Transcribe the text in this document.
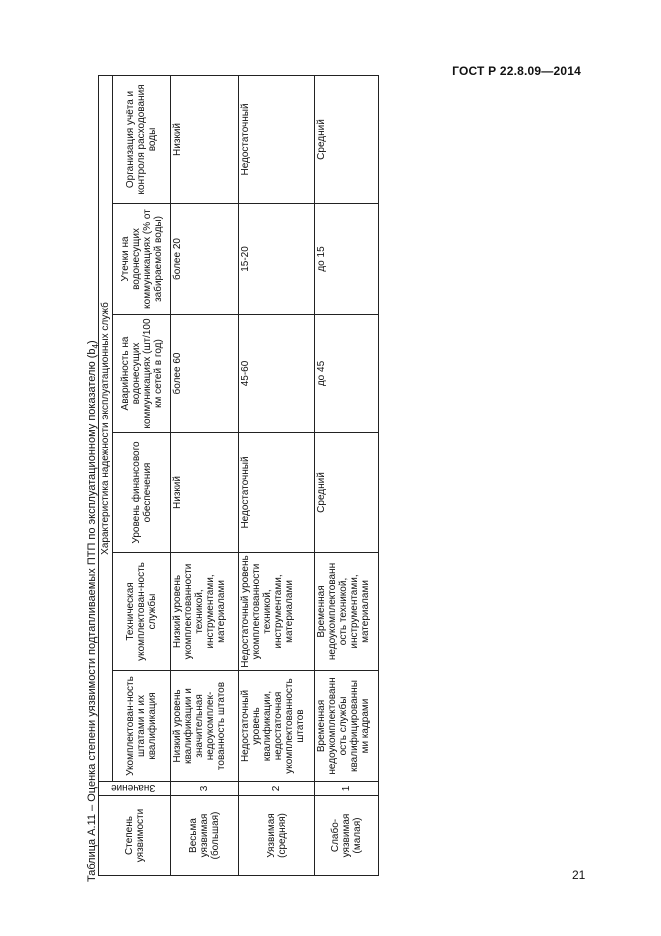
ГОСТ Р 22.8.09—2014
Таблица А.11 – Оценка степени уязвимости подтапливаемых ПТП по эксплуатационному показателю $(b_4)$
Степень уязвимости	Значение	Характеристика надежности эксплуатационных служб					
		Укомплектован-ность штатами и их квалификация	Техническая укомплектован-ность службы	Уровень финансового обеспечения	Аварийность на водонесущих коммуникациях (шт/100 км сетей в год)	Утечки на водонесущих коммуникациях (% от забираемой воды)	Организация учёта и контроля расходования воды
Весьма уязвимая (большая)	3	Низкий уровень квалификации и значительная недоукомплек-тованность штатов	Низкий уровень укомплектованности техникой, инструментами, материалами	Низкий	более 60	более 20	Низкий
Уязвимая (средняя)	2	Недостаточный уровень квалификации, недостаточная укомплектованность штатов	Недостаточный уровень укомплектованности техникой, инструментами, материалами	Недостаточный	45-60	15-20	Недостаточный
Слабо-уязвимая (малая)	1	Временная недоукомплектованн ость службы квалифицированны ми кадрами	Временная недоукомплектованн ость техникой, инструментами, материалами	Средний	до 45	до 15	Средний
21
